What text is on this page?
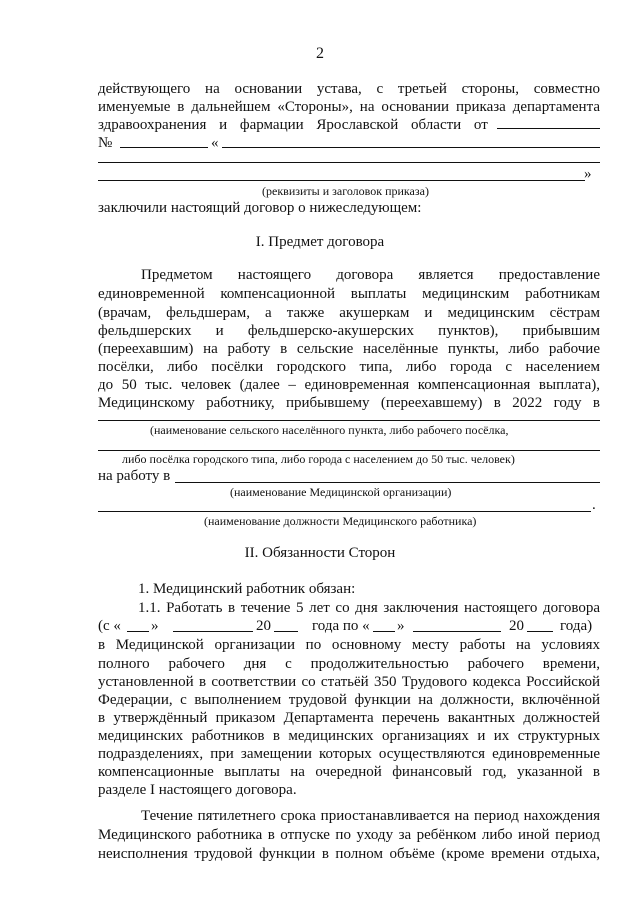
2
действующего на основании устава, с третьей стороны, совместно
именуемые в дальнейшем «Стороны», на основании приказа департамента
здравоохранения и фармации Ярославской области от
№	«
»
(реквизиты и заголовок приказа)
заключили настоящий договор о нижеследующем:
I. Предмет договора
Предметом настоящего договора является предоставление
единовременной компенсационной выплаты медицинским работникам
(врачам, фельдшерам, а также акушеркам и медицинским сёстрам
фельдшерских и фельдшерско-акушерских пунктов), прибывшим
(переехавшим) на работу в сельские населённые пункты, либо рабочие
посёлки, либо посёлки городского типа, либо города с населением
до 50 тыс. человек (далее – единовременная компенсационная выплата),
Медицинскому работнику, прибывшему (переехавшему) в 2022 году в
(наименование сельского населённого пункта, либо рабочего посёлка,
либо посёлка городского типа, либо города с населением до 50 тыс. человек)
на работу в
(наименование Медицинской организации)
.
(наименование должности Медицинского работника)
II. Обязанности Сторон
1. Медицинский работник обязан:
1.1. Работать в течение 5 лет со дня заключения настоящего договора
(с «	»	20	года по «	»	20	года)
в Медицинской организации по основному месту работы на условиях
полного рабочего дня с продолжительностью рабочего времени,
установленной в соответствии со статьёй 350 Трудового кодекса Российской
Федерации, с выполнением трудовой функции на должности, включённой
в утверждённый приказом Департамента перечень вакантных должностей
медицинских работников в медицинских организациях и их структурных
подразделениях, при замещении которых осуществляются единовременные
компенсационные выплаты на очередной финансовый год, указанной в
разделе I настоящего договора.
Течение пятилетнего срока приостанавливается на период нахождения
Медицинского работника в отпуске по уходу за ребёнком либо иной период
неисполнения трудовой функции в полном объёме (кроме времени отдыха,
